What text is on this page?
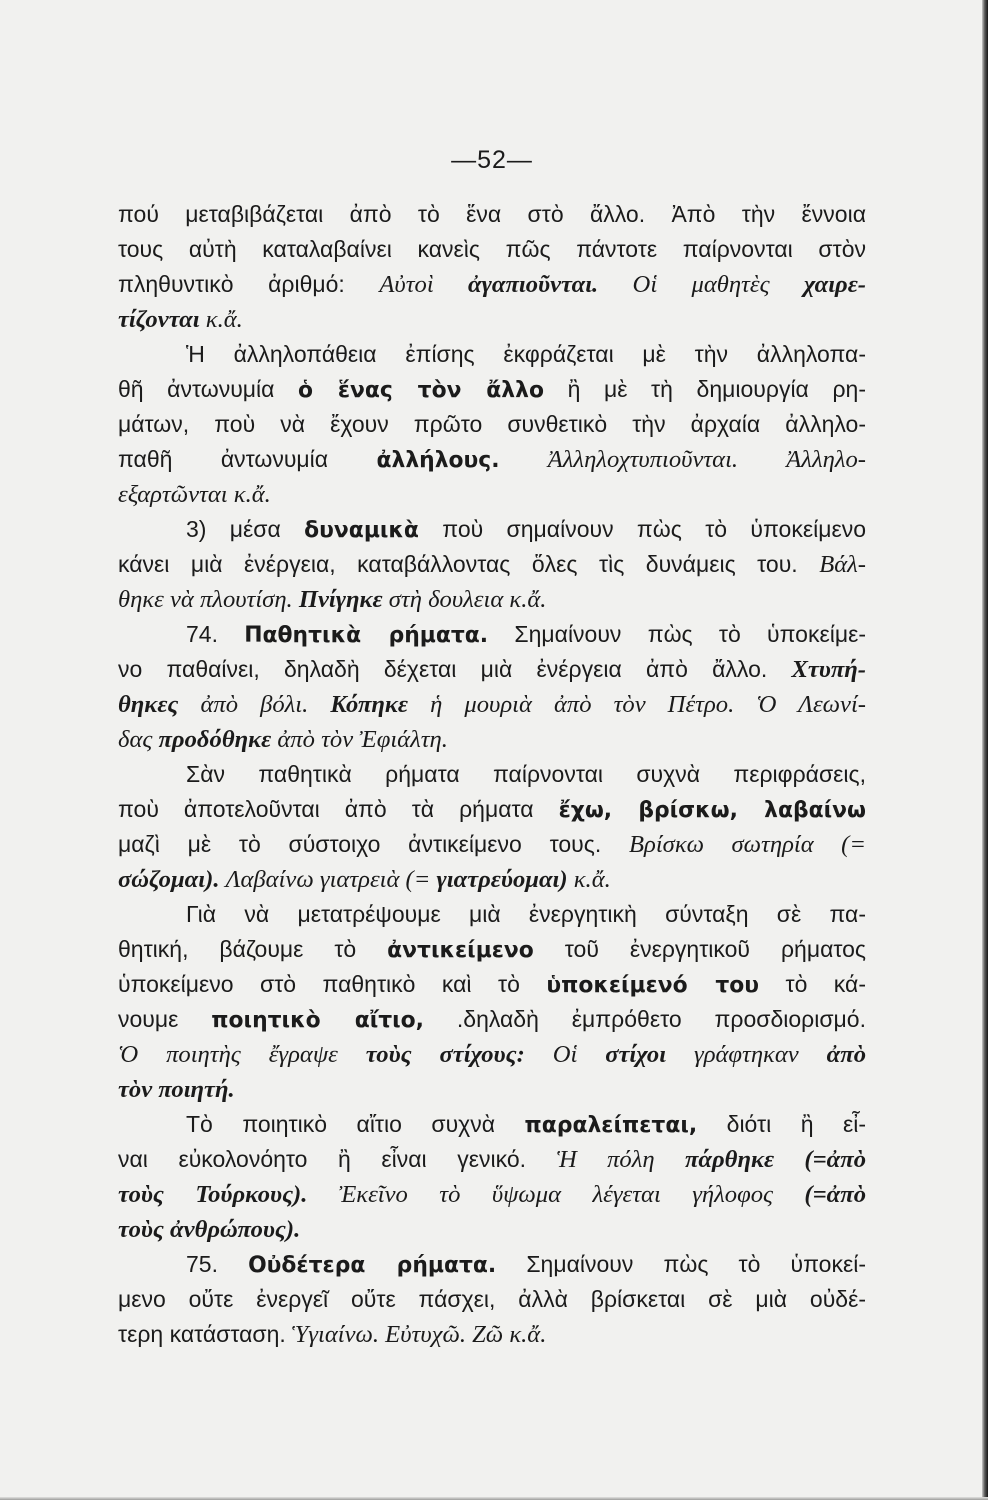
—52—
πού μεταβιβάζεται ἀπὸ τὸ ἕνα στὸ ἄλλο. Ἀπὸ τὴν ἔννοια
τους αὐτὴ καταλαβαίνει κανεὶς πῶς πάντοτε παίρνονται στὸν
πληθυντικὸ ἀριθμό: Αὐτοὶ ἀγαπιοῦνται. Οἱ μαθητὲς χαιρε-
τίζονται κ.ἄ.
Ἡ ἀλληλοπάθεια ἐπίσης ἐκφράζεται μὲ τὴν ἀλληλοπα-
θῆ ἀντωνυμία ὁ ἕνας τὸν ἄλλο ἢ μὲ τὴ δημιουργία ρη-
μάτων, ποὺ νὰ ἔχουν πρῶτο συνθετικὸ τὴν ἀρχαία ἀλληλο-
παθῆ ἀντωνυμία ἀλλήλους. Ἀλληλοχτυπιοῦνται. Ἀλληλο-
εξαρτῶνται κ.ἄ.
3) μέσα δυναμικὰ ποὺ σημαίνουν πὼς τὸ ὑποκείμενο
κάνει μιὰ ἐνέργεια, καταβάλλοντας ὅλες τὶς δυνάμεις του. Βάλ-
θηκε νὰ πλουτίση. Πνίγηκε στὴ δουλεια κ.ἄ.
74. Παθητικὰ ρήματα. Σημαίνουν πὼς τὸ ὑποκείμε-
νο παθαίνει, δηλαδὴ δέχεται μιὰ ἐνέργεια ἀπὸ ἄλλο. Χτυπή-
θηκες ἀπὸ βόλι. Κόπηκε ἡ μουριὰ ἀπὸ τὸν Πέτρο. Ὁ Λεωνί-
δας προδόθηκε ἀπὸ τὸν Ἐφιάλτη.
Σὰν παθητικὰ ρήματα παίρνονται συχνὰ περιφράσεις,
ποὺ ἀποτελοῦνται ἀπὸ τὰ ρήματα ἔχω, βρίσκω, λαβαίνω
μαζὶ μὲ τὸ σύστοιχο ἀντικείμενο τους. Βρίσκω σωτηρία (=
σώζομαι). Λαβαίνω γιατρειὰ (= γιατρεύομαι) κ.ἄ.
Γιὰ νὰ μετατρέψουμε μιὰ ἐνεργητικὴ σύνταξη σὲ πα-
θητική, βάζουμε τὸ ἀντικείμενο τοῦ ἐνεργητικοῦ ρήματος
ὑποκείμενο στὸ παθητικὸ καὶ τὸ ὑποκείμενό του τὸ κά-
νουμε ποιητικὸ αἴτιο, .δηλαδὴ ἐμπρόθετο προσδιορισμό.
Ὁ ποιητὴς ἔγραψε τοὺς στίχους: Οἱ στίχοι γράφτηκαν ἀπὸ
τὸν ποιητή.
Τὸ ποιητικὸ αἴτιο συχνὰ παραλείπεται, διότι ἢ εἶ-
ναι εὐκολονόητο ἢ εἶναι γενικό. Ἡ πόλη πάρθηκε (=ἀπὸ
τοὺς Τούρκους). Ἐκεῖνο τὸ ὕψωμα λέγεται γήλοφος (=ἀπὸ
τοὺς ἀνθρώπους).
75. Οὐδέτερα ρήματα. Σημαίνουν πὼς τὸ ὑποκεί-
μενο οὔτε ἐνεργεῖ οὔτε πάσχει, ἀλλὰ βρίσκεται σὲ μιὰ οὐδέ-
τερη κατάσταση. Ὑγιαίνω. Εὐτυχῶ. Ζῶ κ.ἄ.
